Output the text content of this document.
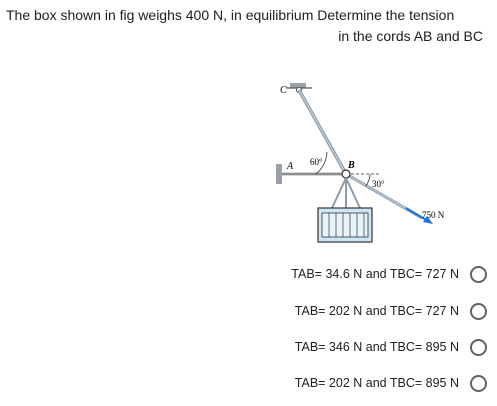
The box shown in fig weighs 400 N, in equilibrium Determine the tension
in the cords AB and BC
C
A 60°	B
30°
750 N
TAB= 34.6 N and TBC= 727 N
TAB= 202 N and TBC= 727 N
TAB= 346 N and TBC= 895 N
TAB= 202 N and TBC= 895 N
